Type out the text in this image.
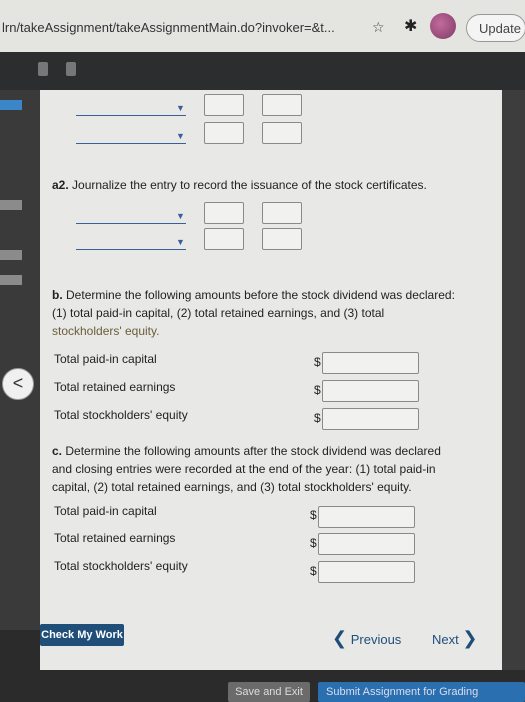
lrn/takeAssignment/takeAssignmentMain.do?invoker=&t...	☆ ✱	Update
<
▼
▼
a2. Journalize the entry to record the issuance of the stock certificates.
▼
▼
b. Determine the following amounts before the stock dividend was declared:
(1) total paid-in capital, (2) total retained earnings, and (3) total
stockholders' equity.
Total paid-in capital	$
Total retained earnings	$
Total stockholders' equity	$
c. Determine the following amounts after the stock dividend was declared
and closing entries were recorded at the end of the year: (1) total paid-in
capital, (2) total retained earnings, and (3) total stockholders' equity.
Total paid-in capital	$
Total retained earnings	$
Total stockholders' equity	$
Check My Work	❮ Previous Next ❯
Save and Exit	Submit Assignment for Grading
